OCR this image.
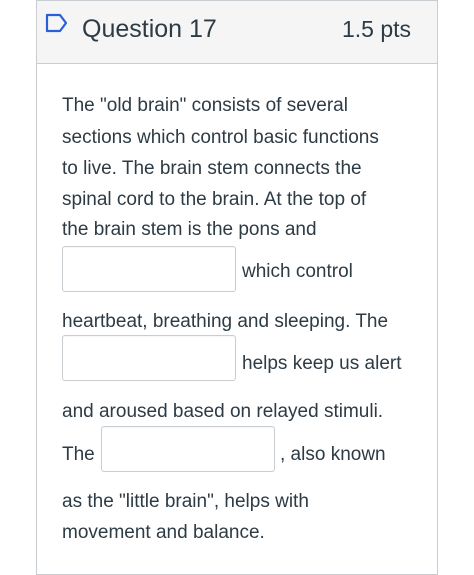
Question 17	1.5 pts

The "old brain" consists of several

sections which control basic functions

to live. The brain stem connects the

spinal cord to the brain. At the top of

the brain stem is the pons and

which control

heartbeat, breathing and sleeping. The

helps keep us alert

and aroused based on relayed stimuli.

The	, also known

as the "little brain", helps with

movement and balance.
